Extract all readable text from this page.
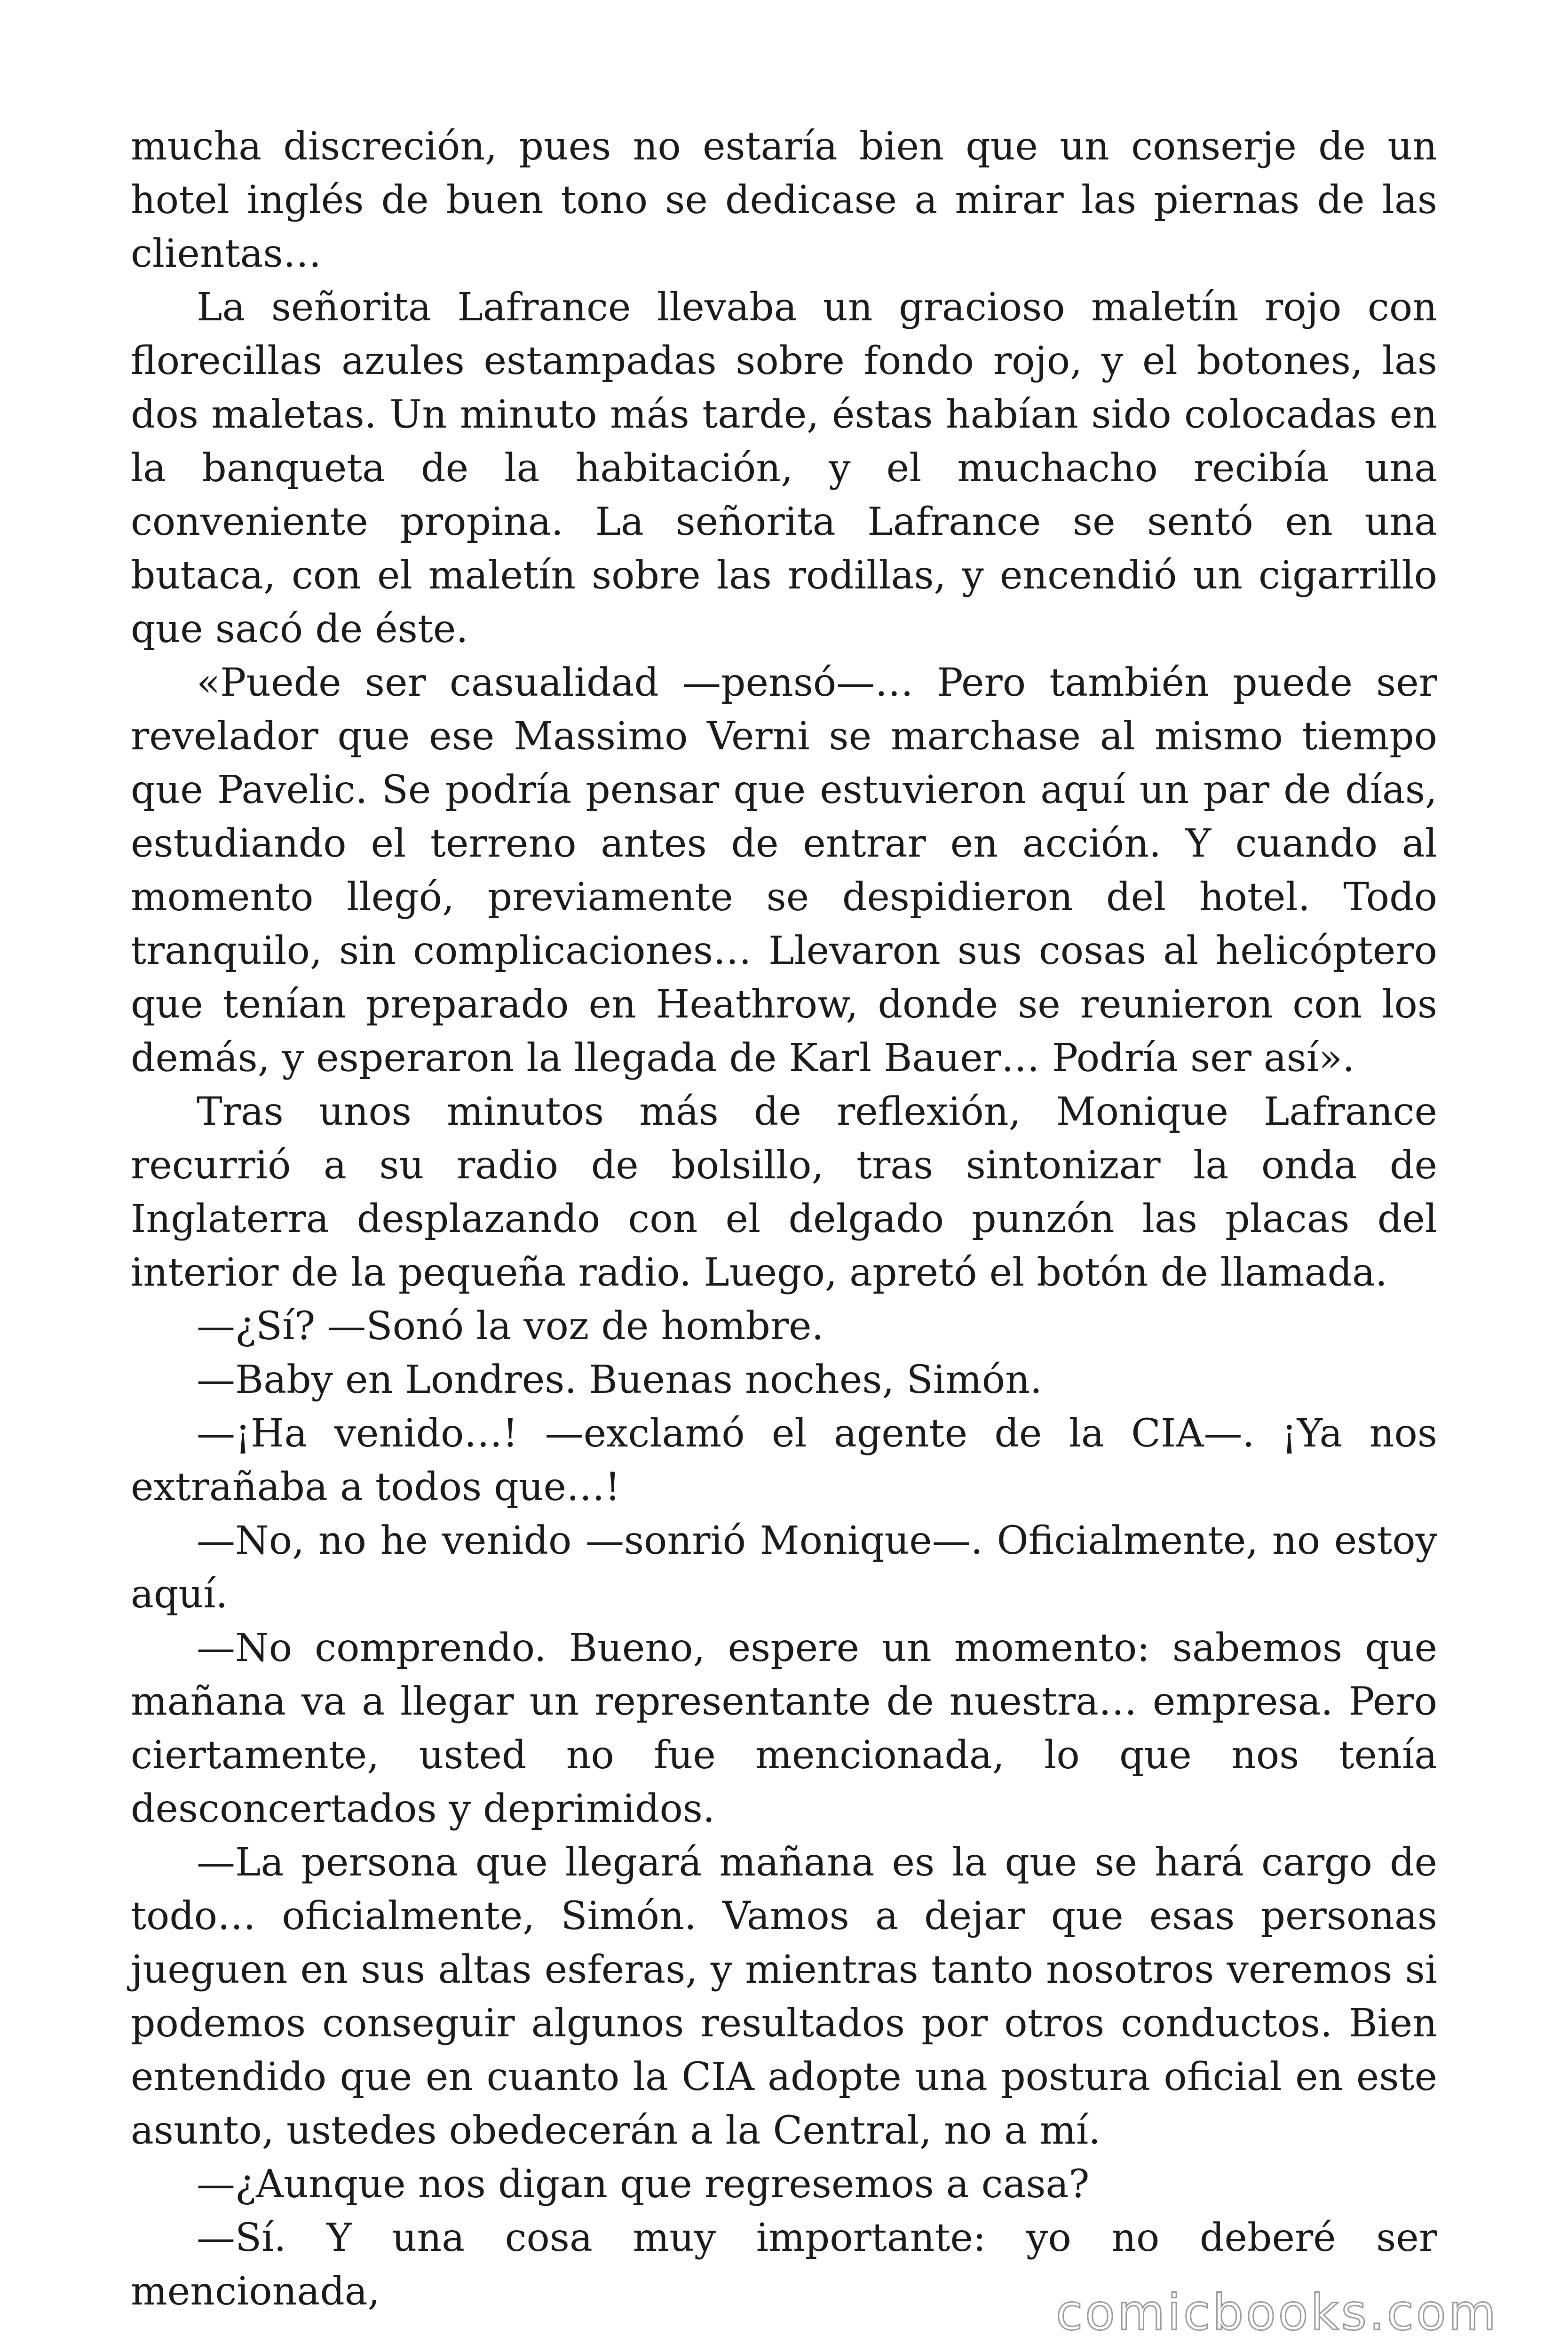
mucha discreción, pues no estaría bien que un conserje de un hotel inglés de buen tono se dedicase a mirar las piernas de las clientas…

La señorita Lafrance llevaba un gracioso maletín rojo con florecillas azules estampadas sobre fondo rojo, y el botones, las dos maletas. Un minuto más tarde, éstas habían sido colocadas en la banqueta de la habitación, y el muchacho recibía una conveniente propina. La señorita Lafrance se sentó en una butaca, con el maletín sobre las rodillas, y encendió un cigarrillo que sacó de éste.

«Puede ser casualidad —pensó—… Pero también puede ser revelador que ese Massimo Verni se marchase al mismo tiempo que Pavelic. Se podría pensar que estuvieron aquí un par de días, estudiando el terreno antes de entrar en acción. Y cuando al momento llegó, previamente se despidieron del hotel. Todo tranquilo, sin complicaciones… Llevaron sus cosas al helicóptero que tenían preparado en Heathrow, donde se reunieron con los demás, y esperaron la llegada de Karl Bauer… Podría ser así».

Tras unos minutos más de reflexión, Monique Lafrance recurrió a su radio de bolsillo, tras sintonizar la onda de Inglaterra desplazando con el delgado punzón las placas del interior de la pequeña radio. Luego, apretó el botón de llamada.

—¿Sí? —Sonó la voz de hombre.

—Baby en Londres. Buenas noches, Simón.

—¡Ha venido…! —exclamó el agente de la CIA—. ¡Ya nos extrañaba a todos que…!

—No, no he venido —sonrió Monique—. Oficialmente, no estoy aquí.

—No comprendo. Bueno, espere un momento: sabemos que mañana va a llegar un representante de nuestra… empresa. Pero ciertamente, usted no fue mencionada, lo que nos tenía desconcertados y deprimidos.

—La persona que llegará mañana es la que se hará cargo de todo… oficialmente, Simón. Vamos a dejar que esas personas jueguen en sus altas esferas, y mientras tanto nosotros veremos si podemos conseguir algunos resultados por otros conductos. Bien entendido que en cuanto la CIA adopte una postura oficial en este asunto, ustedes obedecerán a la Central, no a mí.

—¿Aunque nos digan que regresemos a casa?

—Sí. Y una cosa muy importante: yo no deberé ser mencionada,	comicbooks.com
